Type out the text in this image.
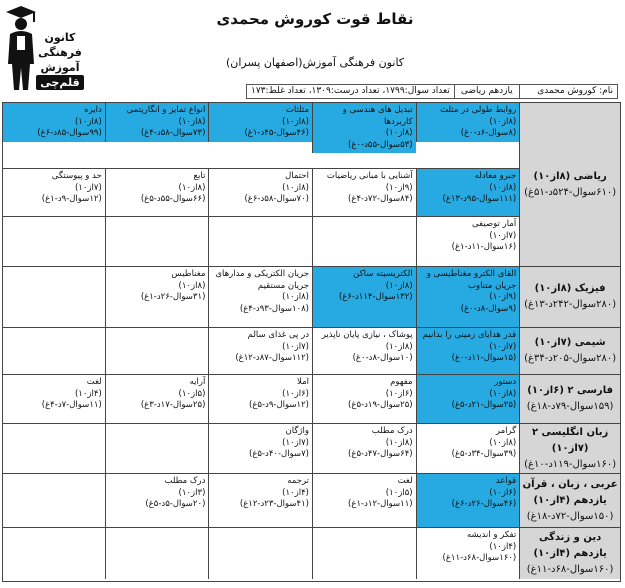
کانون
فرهنگی
آموزش
قلم‌چی
نقاط قوت کوروش محمدی
کانون فرهنگی آموزش(اصفهان پسران)
نام: کوروش محمدی
یازدهم ریاضی
تعداد سوال:۱۷۹۹، تعداد درست:۱۳۰۹، تعداد غلط:۱۷۳
ریاضی (۸از۱۰)
(۶۱۰سوال-۵۲۴د-۵۱غ)
روابط طولی در مثلث
(۸از۱۰)
(۸سوال-۶د-۰غ)
تبدیل های هندسی و کاربردها
(۸از۱۰)
(۵۳سوال-۵۵د-۰غ)
مثلثات
(۸از۱۰)
(۴۶سوال-۴۵د-۱غ)
انواع تمایز و انگاریتمی
(۸از۱۰)
(۷۳سوال-۵۸د-۴غ)
دایره
(۸از۱۰)
(۹۹سوال-۸۵د-۶غ)
جبرو معادله
(۸از۱۰)
(۱۱۱سوال-۹۵د-۱۳غ)
آشنایی با مبانی ریاضیات
(۹از۱۰)
(۸۴سوال-۷۲د-۴غ)
احتمال
(۸از۱۰)
(۷۰سوال-۵۸د-۶غ)
تابع
(۸از۱۰)
(۶۶سوال-۵۵د-۵غ)
حد و پیوستگی
(۷از۱۰)
(۱۲سوال-۹د-۱غ)
آمار توصیفی
(۷از۱۰)
(۱۶سوال-۱۱د-۱غ)
فیزیک (۸از۱۰)
(۲۸۰سوال-۲۴۲د-۱۳غ)
القای الکترو مغناطیسی و جریان متناوب
(۹از۱۰)
(۹سوال-۸د-۰غ)
الکتریسیته ساکن
(۸از۱۰)
(۱۳۲سوال-۱۱۴د-۶غ)
جریان الکتریکی و مدارهای جریان مستقیم
(۸از۱۰)
(۱۰۸سوال-۹۳د-۴غ)
مغناطیس
(۸از۱۰)
(۳۱سوال-۲۶د-۱غ)
شیمی (۷از۱۰)
(۲۸۰سوال-۲۰۵د-۳۴غ)
قدر هدایای زمینی را بدانیم
(۷از۱۰)
(۱۵سوال-۱۱د-۰غ)
پوشاک ، نیازی پایان ناپذیر
(۸از۱۰)
(۱۰سوال-۸د-۰غ)
در پی غذای سالم
(۷از۱۰)
(۱۱۲سوال-۸۷د-۱۲غ)
فارسی ۲ (۶از۱۰)
(۱۵۹سوال-۷۹د-۱۸غ)
دستور
(۸از۱۰)
(۲۵سوال-۲۱د-۵غ)
مفهوم
(۶از۱۰)
(۲۵سوال-۱۹د-۵غ)
املا
(۶از۱۰)
(۱۲سوال-۹د-۵غ)
آرایه
(۵از۱۰)
(۲۵سوال-۱۷د-۳غ)
لغت
(۴از۱۰)
(۱۱سوال-۷د-۴غ)
زبان انگلیسی ۲ (۷از۱۰)
(۱۶۰سوال-۱۱۹د-۱۰غ)
گرامر
(۸از۱۰)
(۳۹سوال-۳۴د-۵غ)
درک مطلب
(۸از۱۰)
(۶۴سوال-۴۷د-۵غ)
واژگان
(۷از۱۰)
(۷سوال-۴۰د-۵غ)
عربی ، زبان ، قرآن یازدهم (۴از۱۰)
(۱۵۰سوال-۷۲د-۱۸غ)
قواعد
(۶از۱۰)
(۴۶سوال-۲۶د-۶غ)
لغت
(۵از۱۰)
(۱۱سوال-۱۲د-۱غ)
ترجمه
(۴از۱۰)
(۴۱سوال-۲۳د-۱۲غ)
درک مطلب
(۳از۱۰)
(۲۰سوال-۵د-۵غ)
دین و زندگی یازدهم (۴از۱۰)
(۱۶۰سوال-۶۸د-۱۱غ)
تفکر و اندیشه
(۴از۱۰)
(۱۶۰سوال-۶۸د-۱۱غ)
